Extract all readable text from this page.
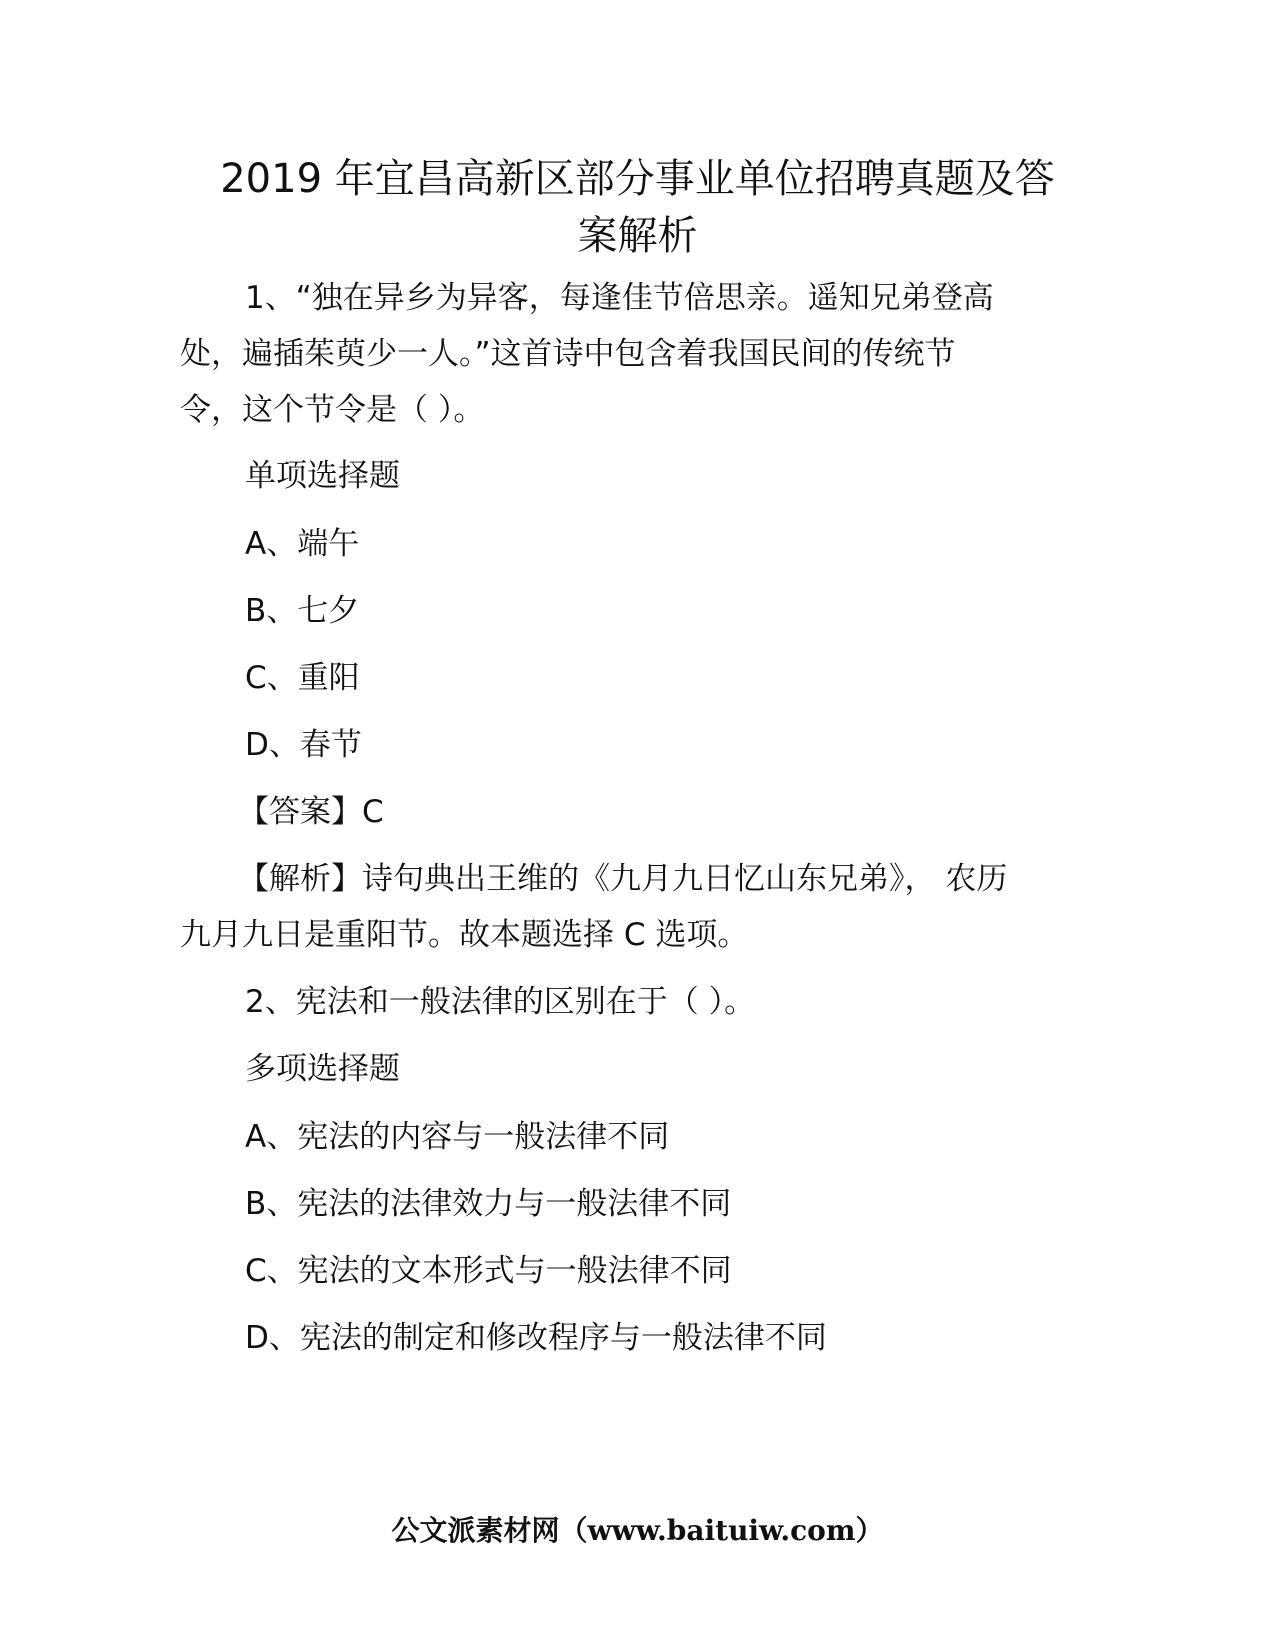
2019 年宜昌高新区部分事业单位招聘真题及答
案解析

1、“独在异乡为异客，每逢佳节倍思亲。遥知兄弟登高

处，遍插茱萸少一人。”这首诗中包含着我国民间的传统节

令，这个节令是（ ）。

单项选择题

A、端午

B、七夕

C、重阳

D、春节

【答案】C

【解析】诗句典出王维的《九月九日忆山东兄弟》， 农历

九月九日是重阳节。故本题选择 C 选项。

2、宪法和一般法律的区别在于（ ）。

多项选择题

A、宪法的内容与一般法律不同

B、宪法的法律效力与一般法律不同

C、宪法的文本形式与一般法律不同

D、宪法的制定和修改程序与一般法律不同

公文派素材网（www.baituiw.com）
